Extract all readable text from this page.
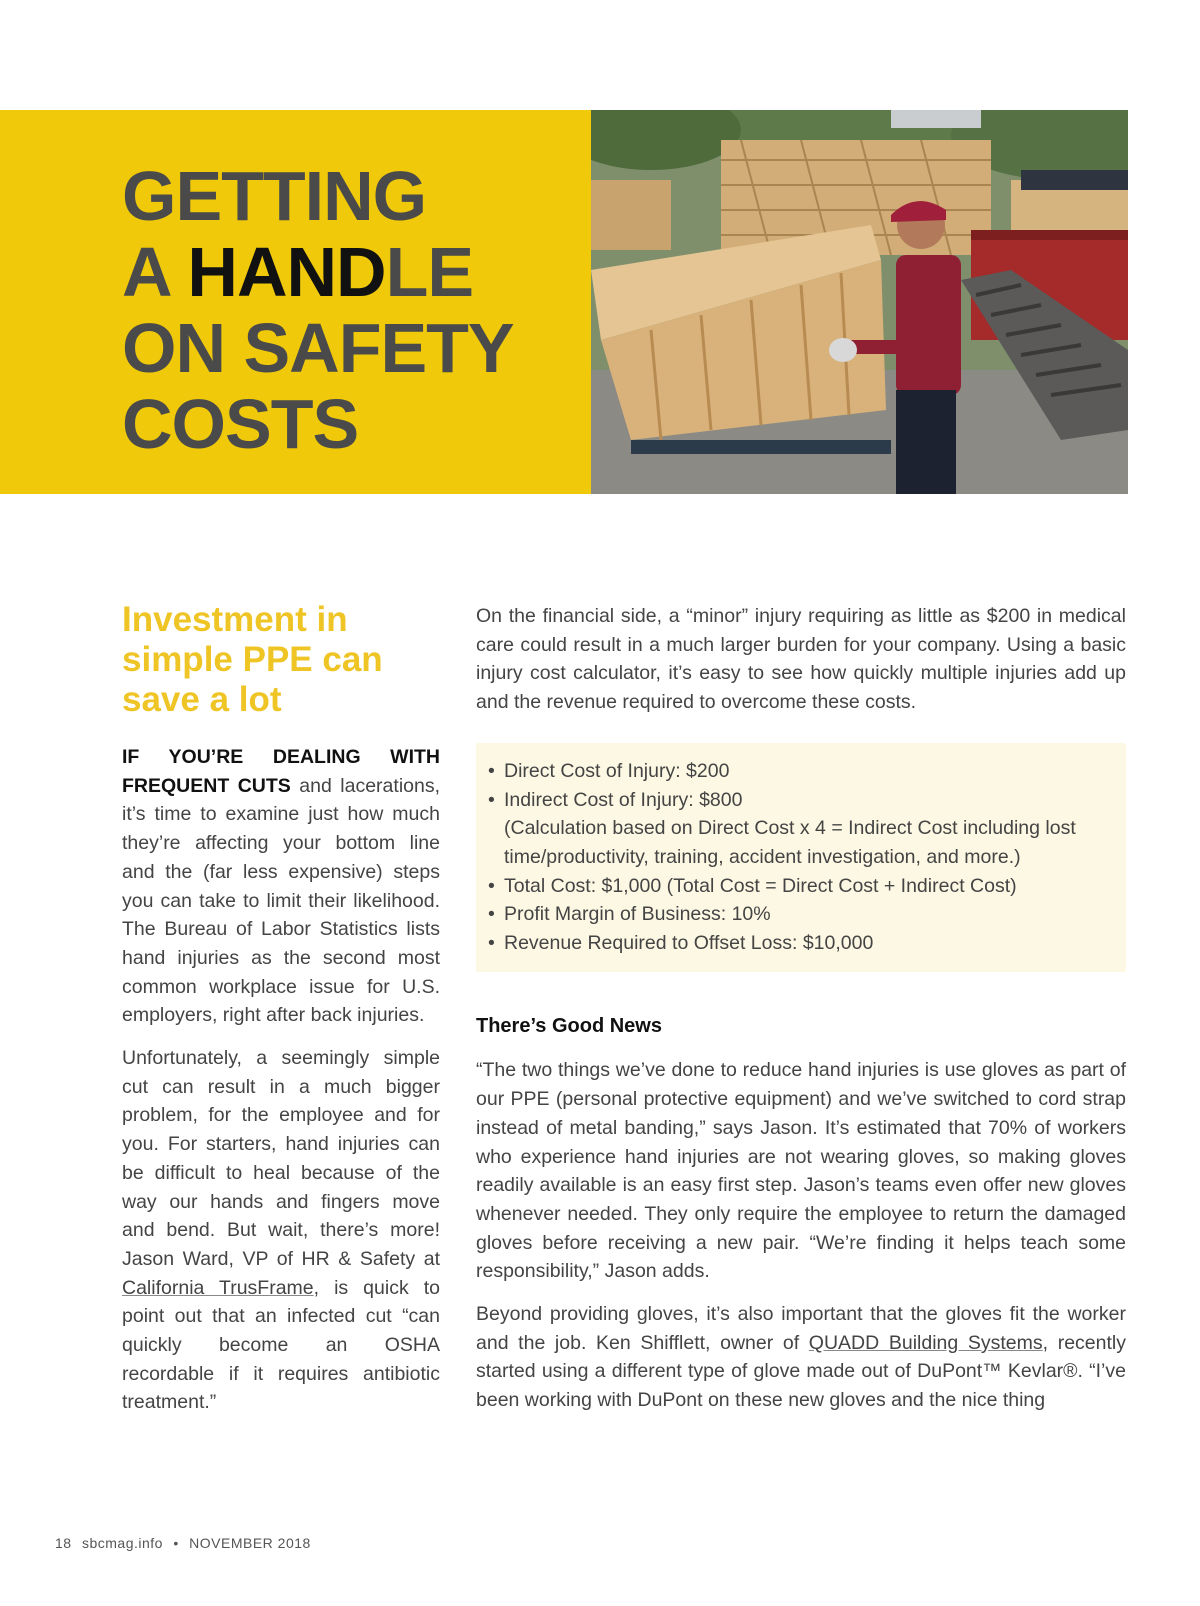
GETTING
A HANDLE
ON SAFETY
COSTS
Investment in simple PPE can save a lot

IF YOU’RE DEALING WITH FREQUENT CUTS and lacerations, it’s time to examine just how much they’re affecting your bottom line and the (far less expensive) steps you can take to limit their likelihood. The Bureau of Labor Statistics lists hand injuries as the second most common workplace issue for U.S. employers, right after back injuries.

Unfortunately, a seemingly simple cut can result in a much bigger problem, for the employee and for you. For starters, hand injuries can be difficult to heal because of the way our hands and fingers move and bend. But wait, there’s more! Jason Ward, VP of HR & Safety at California TrusFrame, is quick to point out that an infected cut “can quickly become an OSHA recordable if it requires antibiotic treatment.”

On the financial side, a “minor” injury requiring as little as $200 in medical care could result in a much larger burden for your company. Using a basic injury cost calculator, it’s easy to see how quickly multiple injuries add up and the revenue required to overcome these costs.

• Direct Cost of Injury: $200
• Indirect Cost of Injury: $800
(Calculation based on Direct Cost x 4 = Indirect Cost including lost time/productivity, training, accident investigation, and more.)
• Total Cost: $1,000 (Total Cost = Direct Cost + Indirect Cost)
• Profit Margin of Business: 10%
• Revenue Required to Offset Loss: $10,000
There’s Good News

“The two things we’ve done to reduce hand injuries is use gloves as part of our PPE (personal protective equipment) and we’ve switched to cord strap instead of metal banding,” says Jason. It’s estimated that 70% of workers who experience hand injuries are not wearing gloves, so making gloves readily available is an easy first step. Jason’s teams even offer new gloves whenever needed. They only require the employee to return the damaged gloves before receiving a new pair. “We’re finding it helps teach some responsibility,” Jason adds.

Beyond providing gloves, it’s also important that the gloves fit the worker and the job. Ken Shifflett, owner of QUADD Building Systems, recently started using a different type of glove made out of DuPont™ Kevlar®. “I’ve been working with DuPont on these new gloves and the nice thing

18 sbcmag.info • NOVEMBER 2018
